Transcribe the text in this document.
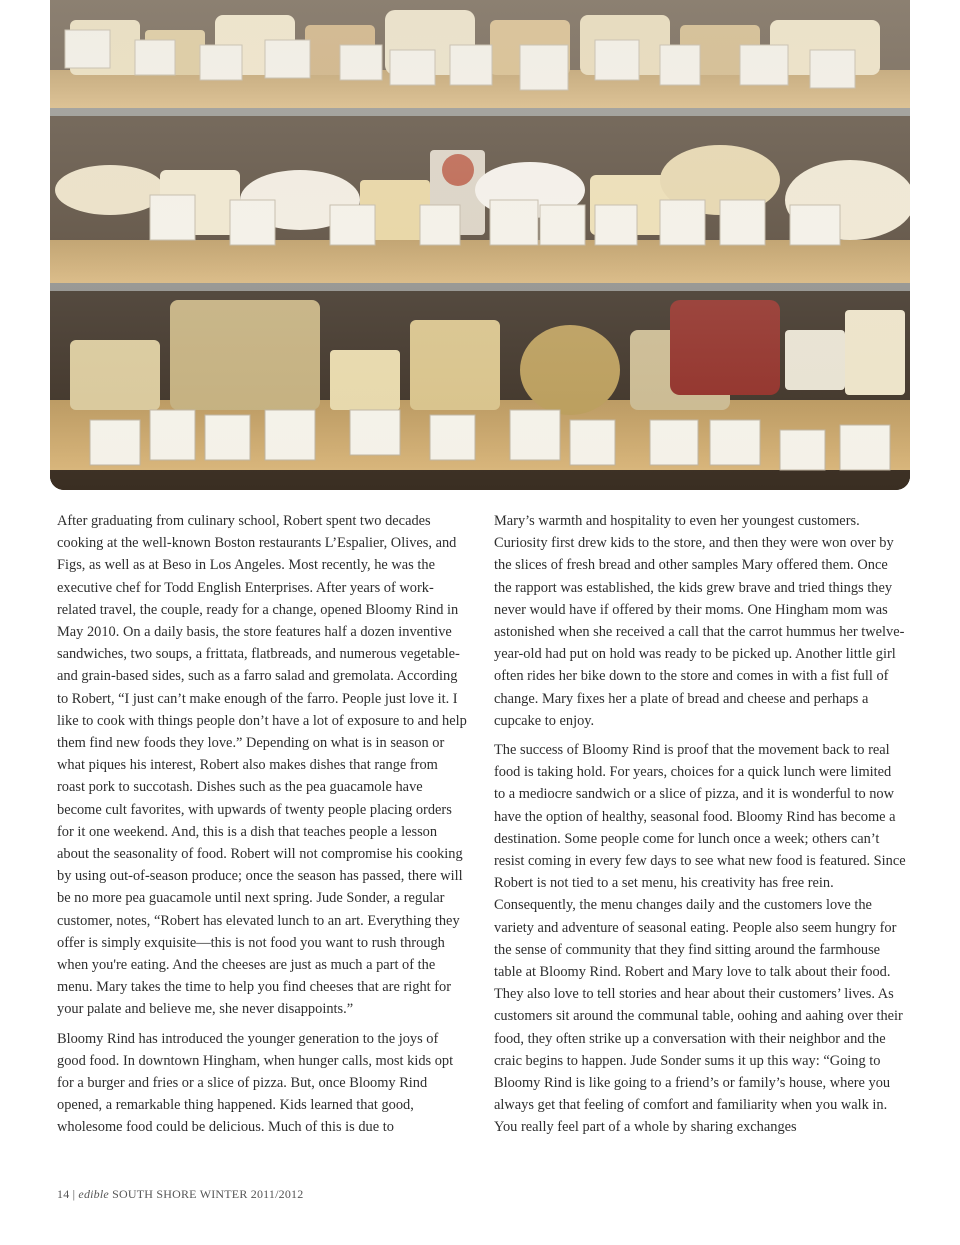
After graduating from culinary school, Robert spent two decades cooking at the well-known Boston restaurants L’Espalier, Olives, and Figs, as well as at Beso in Los Angeles. Most recently, he was the executive chef for Todd English Enterprises. After years of work-related travel, the couple, ready for a change, opened Bloomy Rind in May 2010. On a daily basis, the store features half a dozen inventive sandwiches, two soups, a frittata, flatbreads, and numerous vegetable- and grain-based sides, such as a farro salad and gremolata. According to Robert, “I just can’t make enough of the farro. People just love it. I like to cook with things people don’t have a lot of exposure to and help them find new foods they love.” Depending on what is in season or what piques his interest, Robert also makes dishes that range from roast pork to succotash. Dishes such as the pea guacamole have become cult favorites, with upwards of twenty people placing orders for it one weekend. And, this is a dish that teaches people a lesson about the seasonality of food. Robert will not compromise his cooking by using out-of-season produce; once the season has passed, there will be no more pea guacamole until next spring. Jude Sonder, a regular customer, notes, “Robert has elevated lunch to an art. Everything they offer is simply exquisite—this is not food you want to rush through when you're eating. And the cheeses are just as much a part of the menu. Mary takes the time to help you find cheeses that are right for your palate and believe me, she never disappoints.”

Bloomy Rind has introduced the younger generation to the joys of good food. In downtown Hingham, when hunger calls, most kids opt for a burger and fries or a slice of pizza. But, once Bloomy Rind opened, a remarkable thing happened. Kids learned that good, wholesome food could be delicious. Much of this is due to

Mary’s warmth and hospitality to even her youngest customers. Curiosity first drew kids to the store, and then they were won over by the slices of fresh bread and other samples Mary offered them. Once the rapport was established, the kids grew brave and tried things they never would have if offered by their moms. One Hingham mom was astonished when she received a call that the carrot hummus her twelve-year-old had put on hold was ready to be picked up. Another little girl often rides her bike down to the store and comes in with a fist full of change. Mary fixes her a plate of bread and cheese and perhaps a cupcake to enjoy.

The success of Bloomy Rind is proof that the movement back to real food is taking hold. For years, choices for a quick lunch were limited to a mediocre sandwich or a slice of pizza, and it is wonderful to now have the option of healthy, seasonal food. Bloomy Rind has become a destination. Some people come for lunch once a week; others can’t resist coming in every few days to see what new food is featured. Since Robert is not tied to a set menu, his creativity has free rein. Consequently, the menu changes daily and the customers love the variety and adventure of seasonal eating. People also seem hungry for the sense of community that they find sitting around the farmhouse table at Bloomy Rind. Robert and Mary love to talk about their food. They also love to tell stories and hear about their customers’ lives. As customers sit around the communal table, oohing and aahing over their food, they often strike up a conversation with their neighbor and the craic begins to happen. Jude Sonder sums it up this way: “Going to Bloomy Rind is like going to a friend’s or family’s house, where you always get that feeling of comfort and familiarity when you walk in. You really feel part of a whole by sharing exchanges

14 | edible SOUTH SHORE WINTER 2011/2012
